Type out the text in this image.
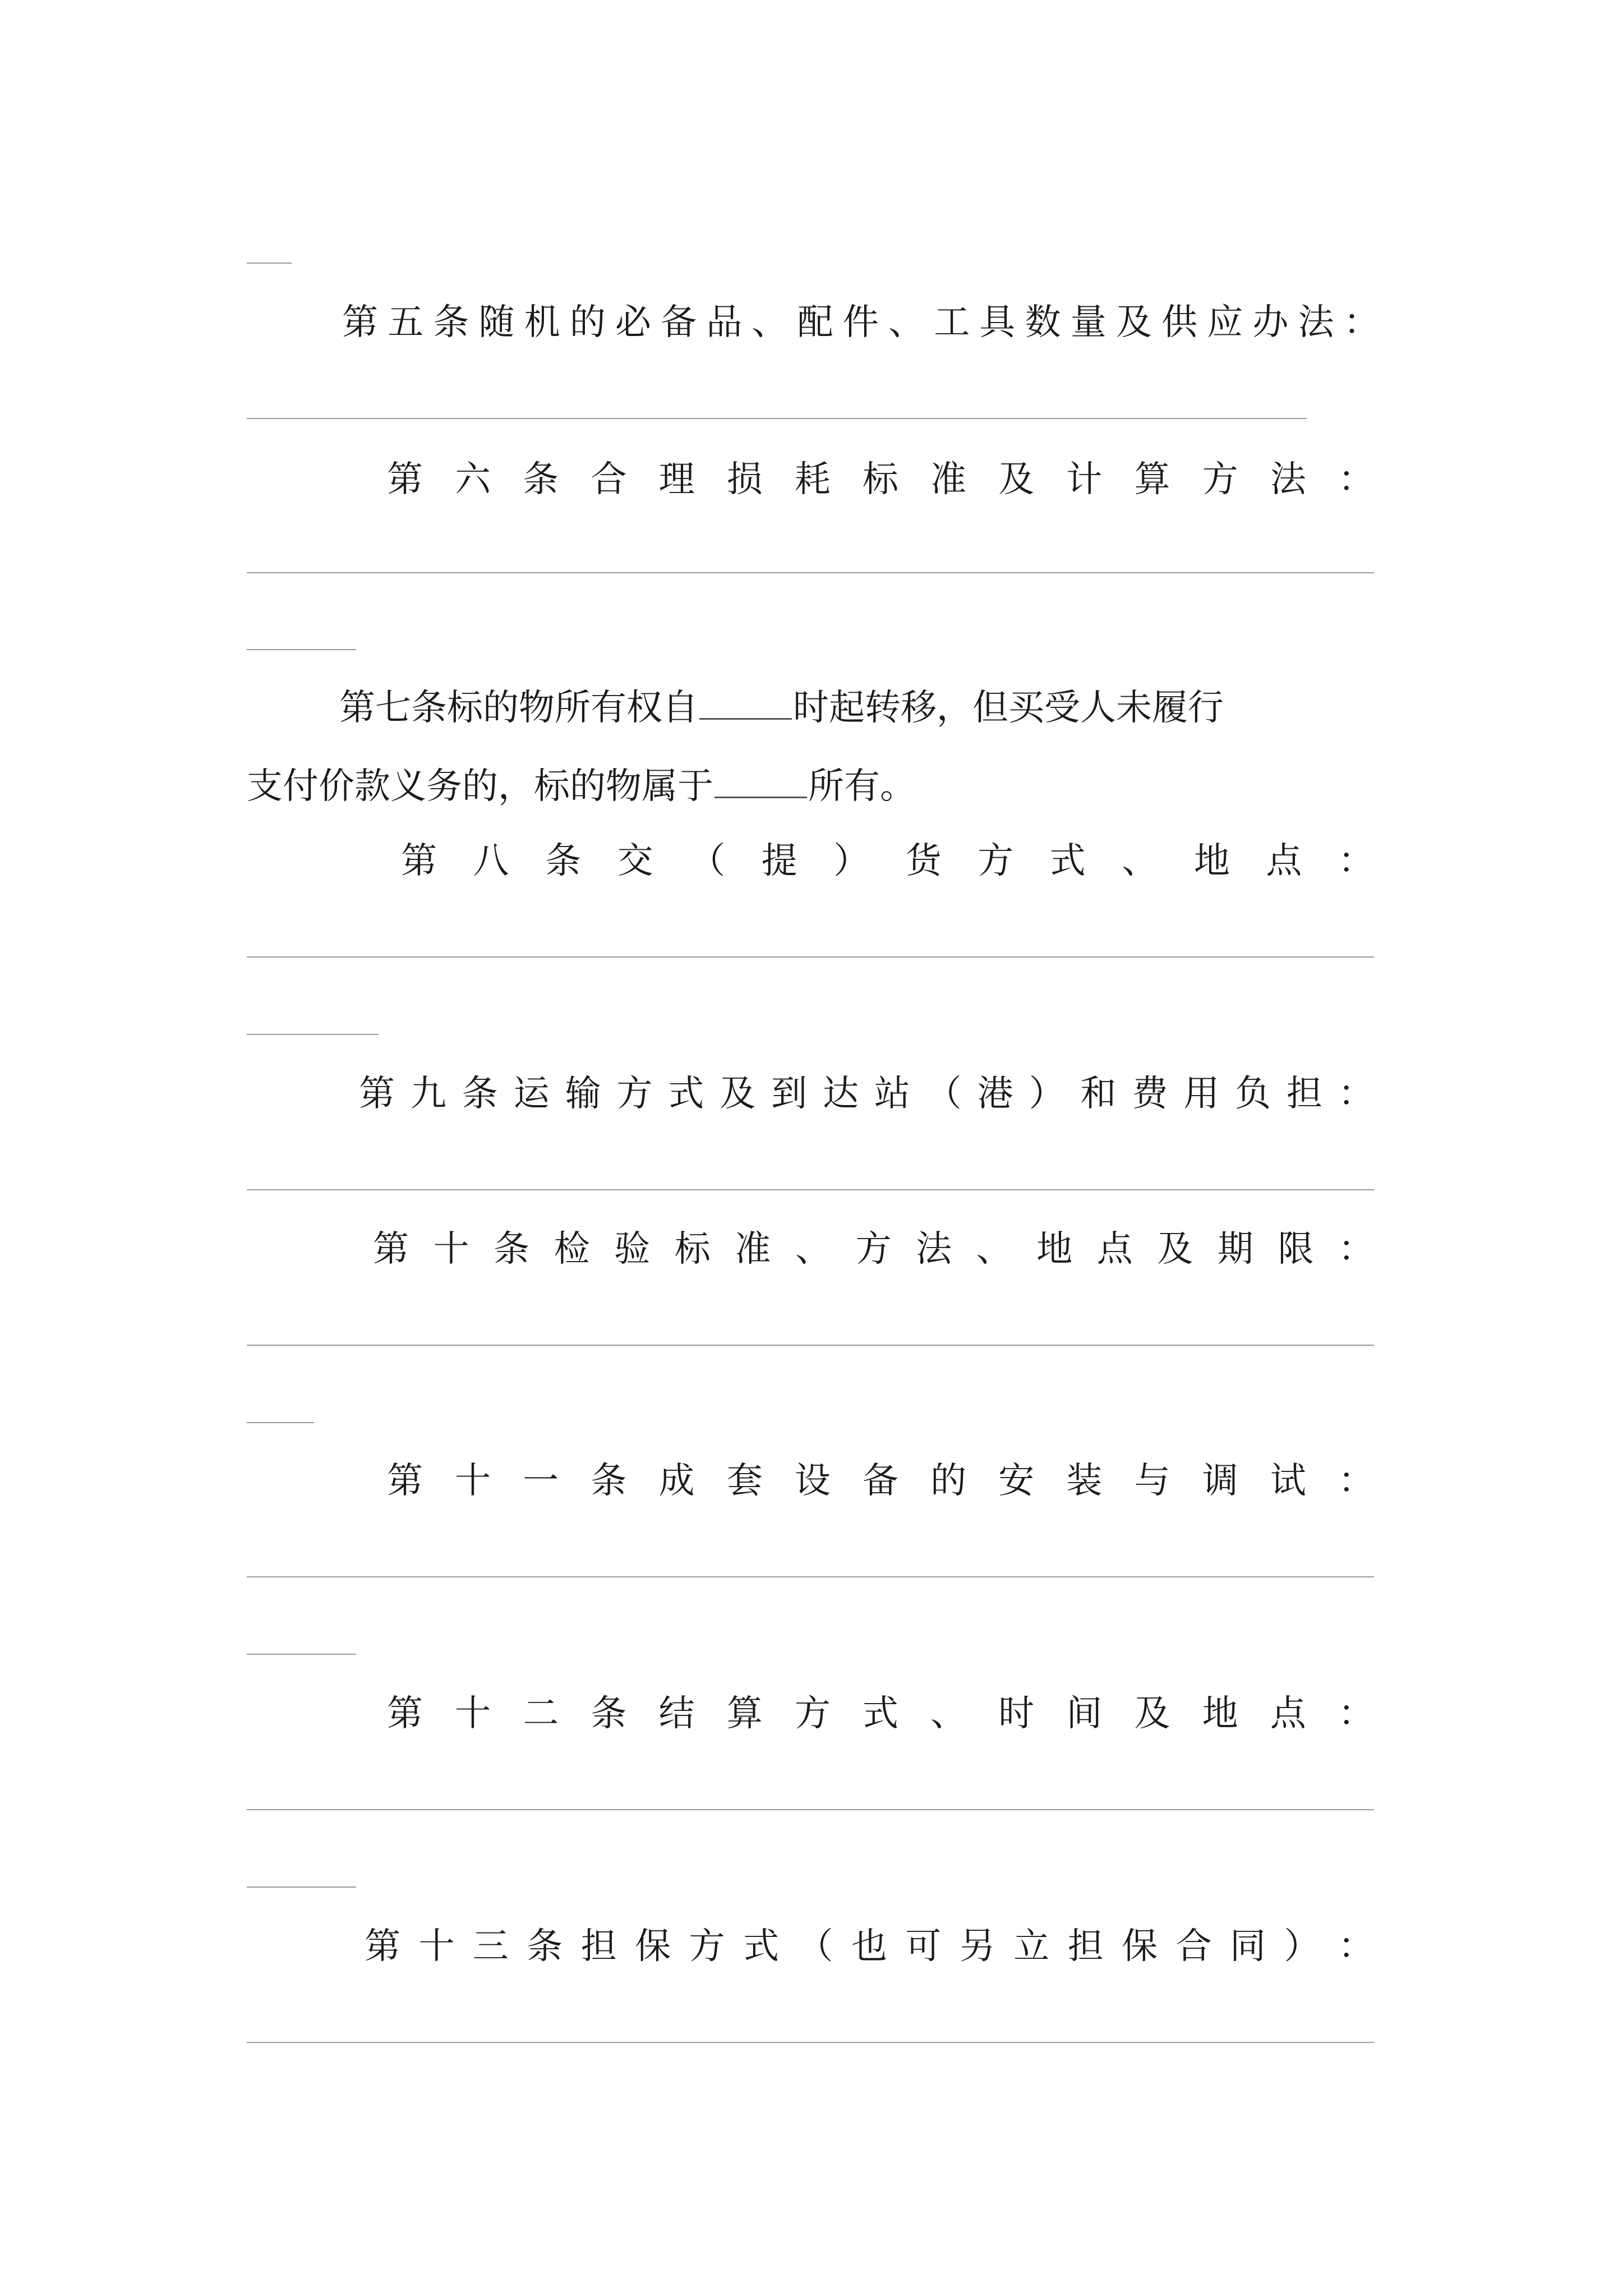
第 五 条 随 机 的 必 备 品 、 配 件 、 工 具 数 量 及 供 应 办 法 ：
第 六 条 合 理 损 耗 标 准 及 计 算 方 法 ：
第七条标的物所有权自	时起转移，但买受人未履行
支付价款义务的，标的物属于	所有。
第 八 条 交 （ 提 ） 货 方 式 、 地 点 ：
第 九 条 运 输 方 式 及 到 达 站 （ 港 ） 和 费 用 负 担 ：
第 十 条 检 验 标 准 、 方 法 、 地 点 及 期 限 ：
第 十 一 条 成 套 设 备 的 安 装 与 调 试 ：
第 十 二 条 结 算 方 式 、 时 间 及 地 点 ：
第 十 三 条 担 保 方 式 （ 也 可 另 立 担 保 合 同 ） ：
